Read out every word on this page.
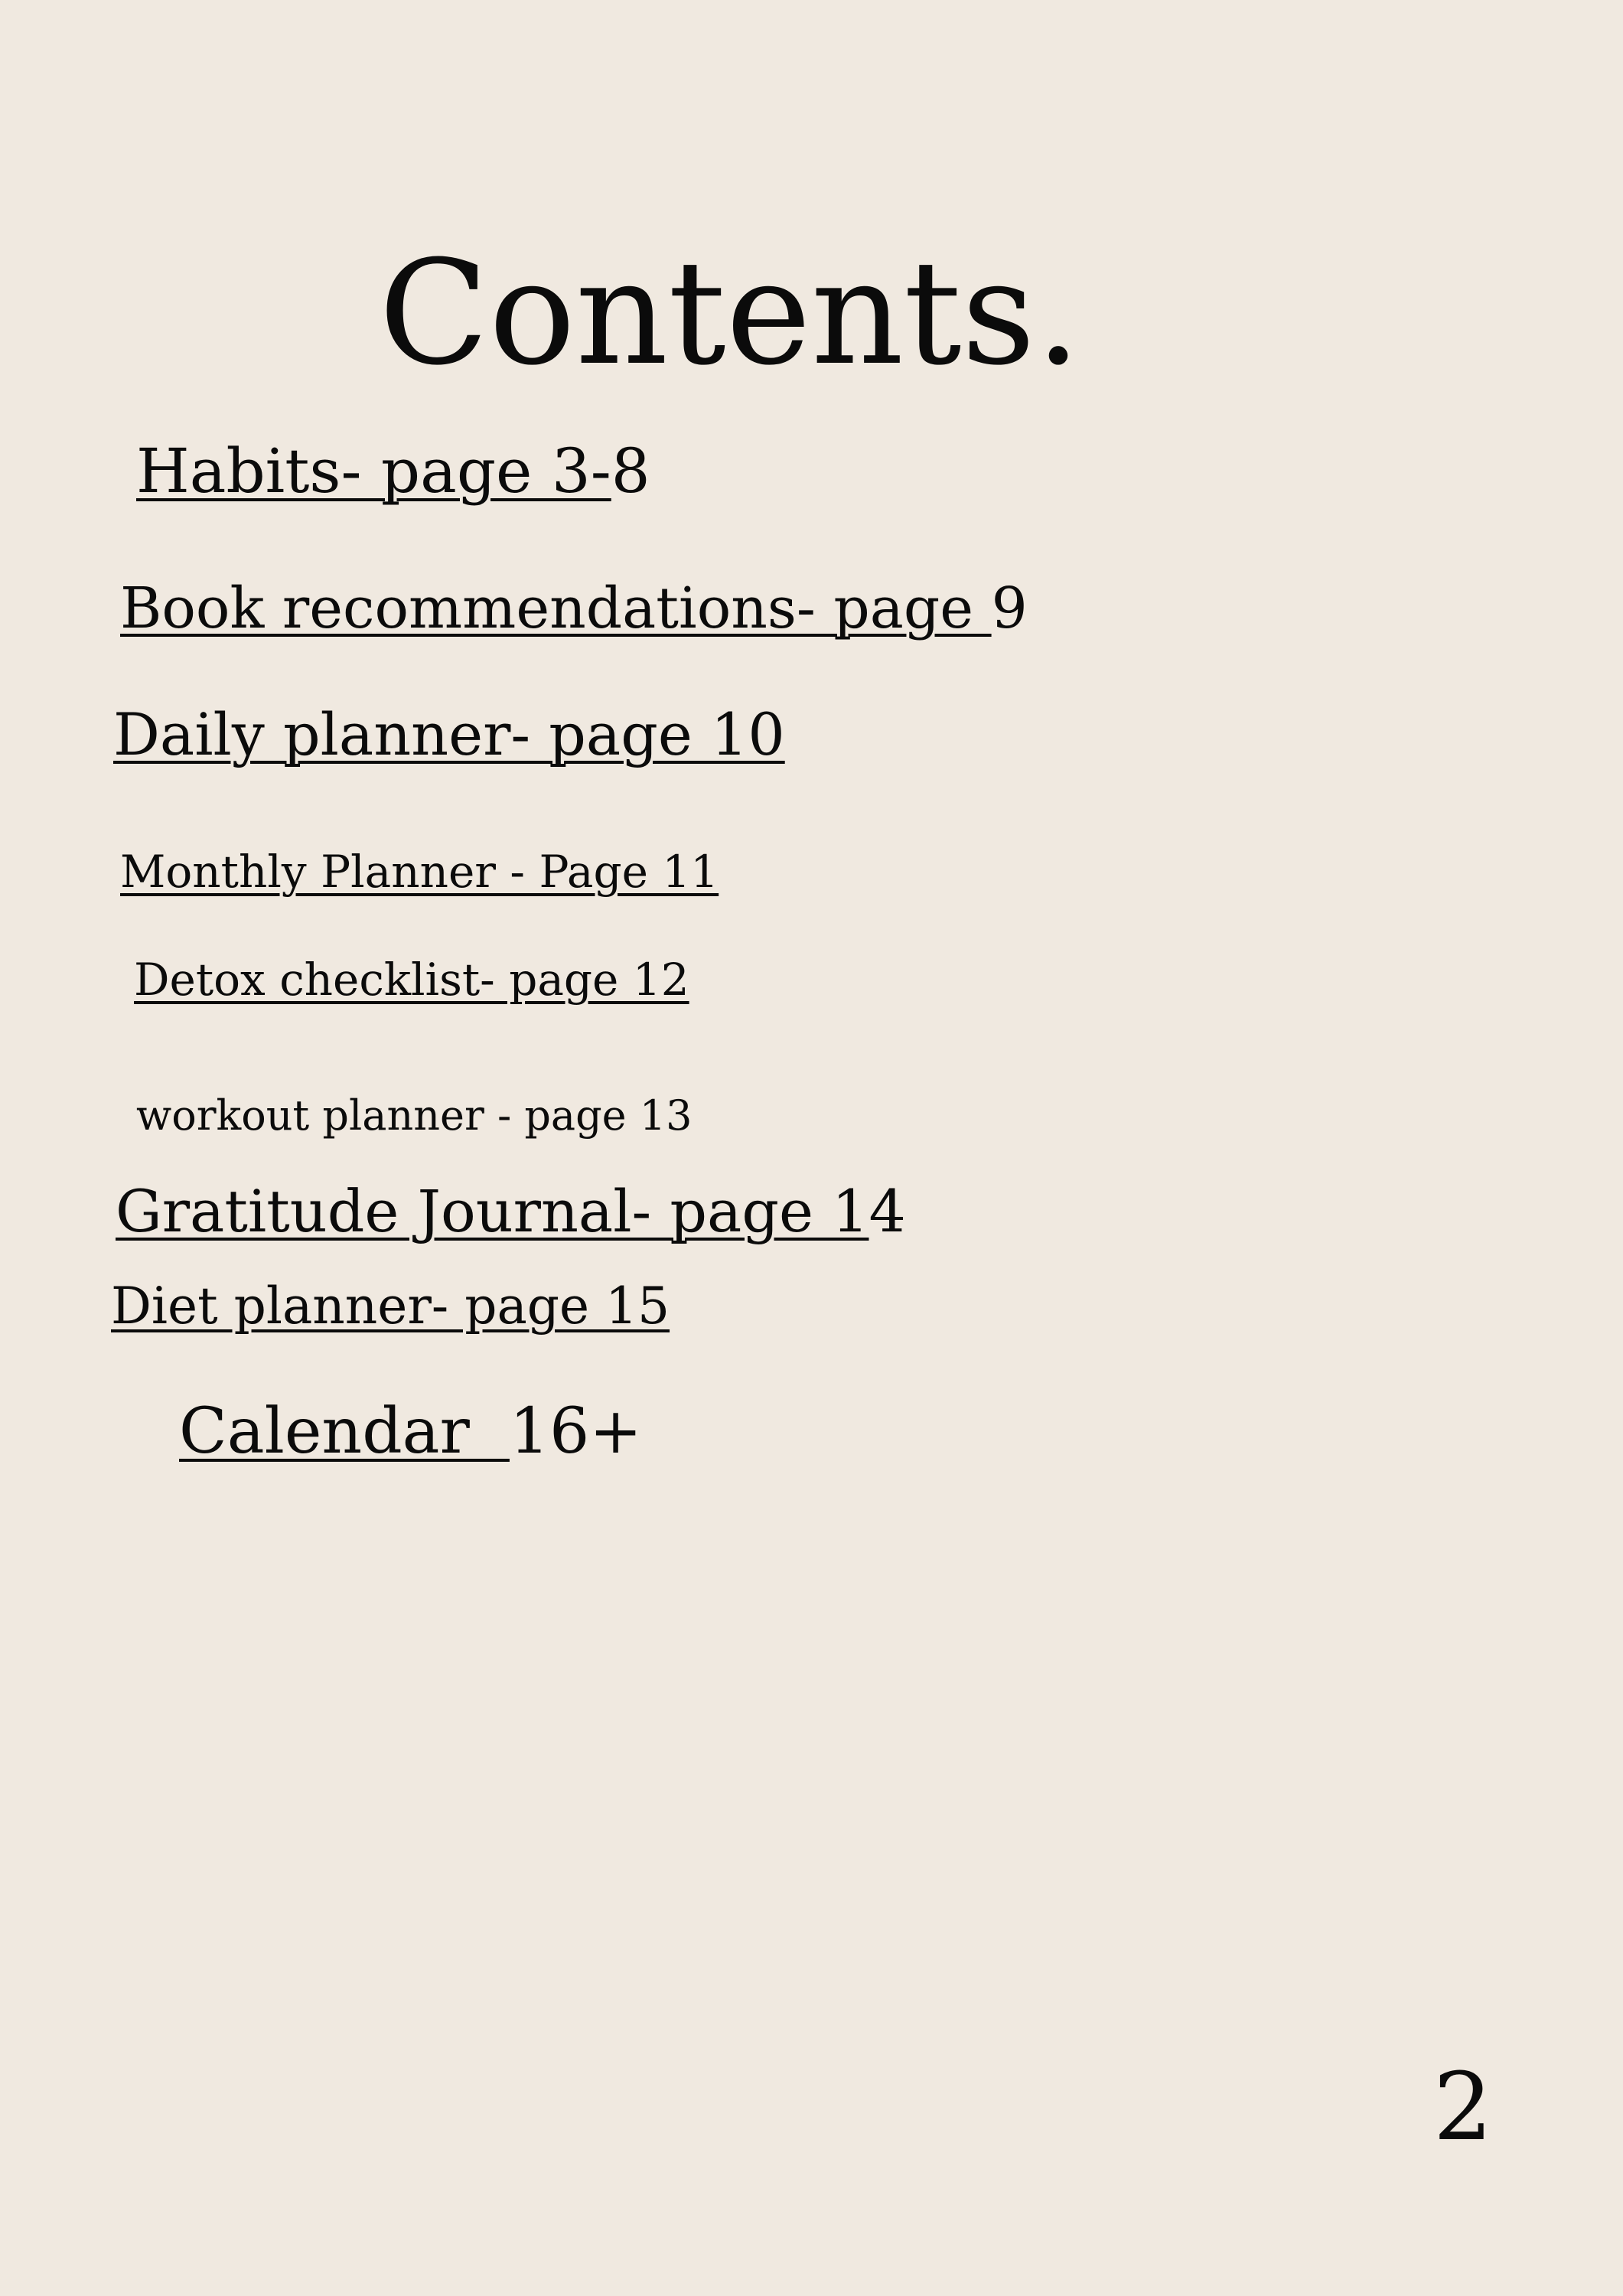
Contents.
Habits- page 3-8
Book recommendations- page 9
Daily planner- page 10
Monthly Planner - Page 11
Detox checklist- page 12
workout planner - page 13
Gratitude Journal- page 14
Diet planner- page 15
Calendar  16+
2
